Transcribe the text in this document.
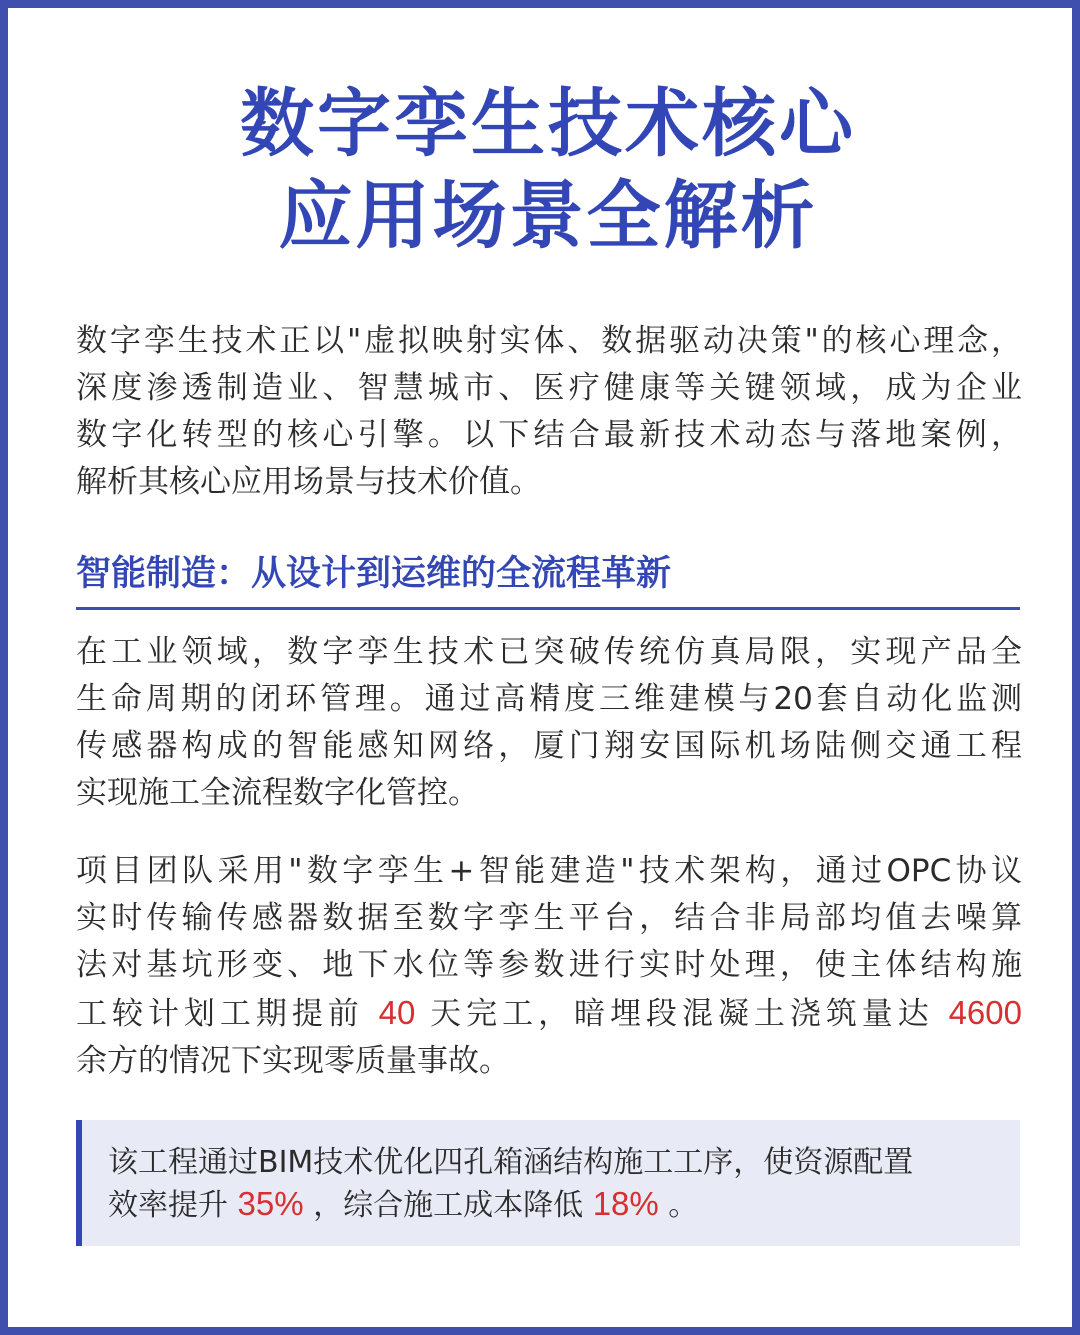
数字孪生技术核心
应用场景全解析

数字孪生技术正以"虚拟映射实体、数据驱动决策"的核心理念，
深度渗透制造业、智慧城市、医疗健康等关键领域，成为企业
数字化转型的核心引擎。以下结合最新技术动态与落地案例，
解析其核心应用场景与技术价值。

智能制造：从设计到运维的全流程革新

在工业领域，数字孪生技术已突破传统仿真局限，实现产品全
生命周期的闭环管理。通过高精度三维建模与20套自动化监测
传感器构成的智能感知网络，厦门翔安国际机场陆侧交通工程
实现施工全流程数字化管控。

项目团队采用"数字孪生+智能建造"技术架构，通过OPC协议
实时传输传感器数据至数字孪生平台，结合非局部均值去噪算
法对基坑形变、地下水位等参数进行实时处理，使主体结构施
工较计划工期提前 40 天完工，暗埋段混凝土浇筑量达 4600
余方的情况下实现零质量事故。

该工程通过BIM技术优化四孔箱涵结构施工工序，使资源配置
效率提升 35% ，综合施工成本降低 18% 。
